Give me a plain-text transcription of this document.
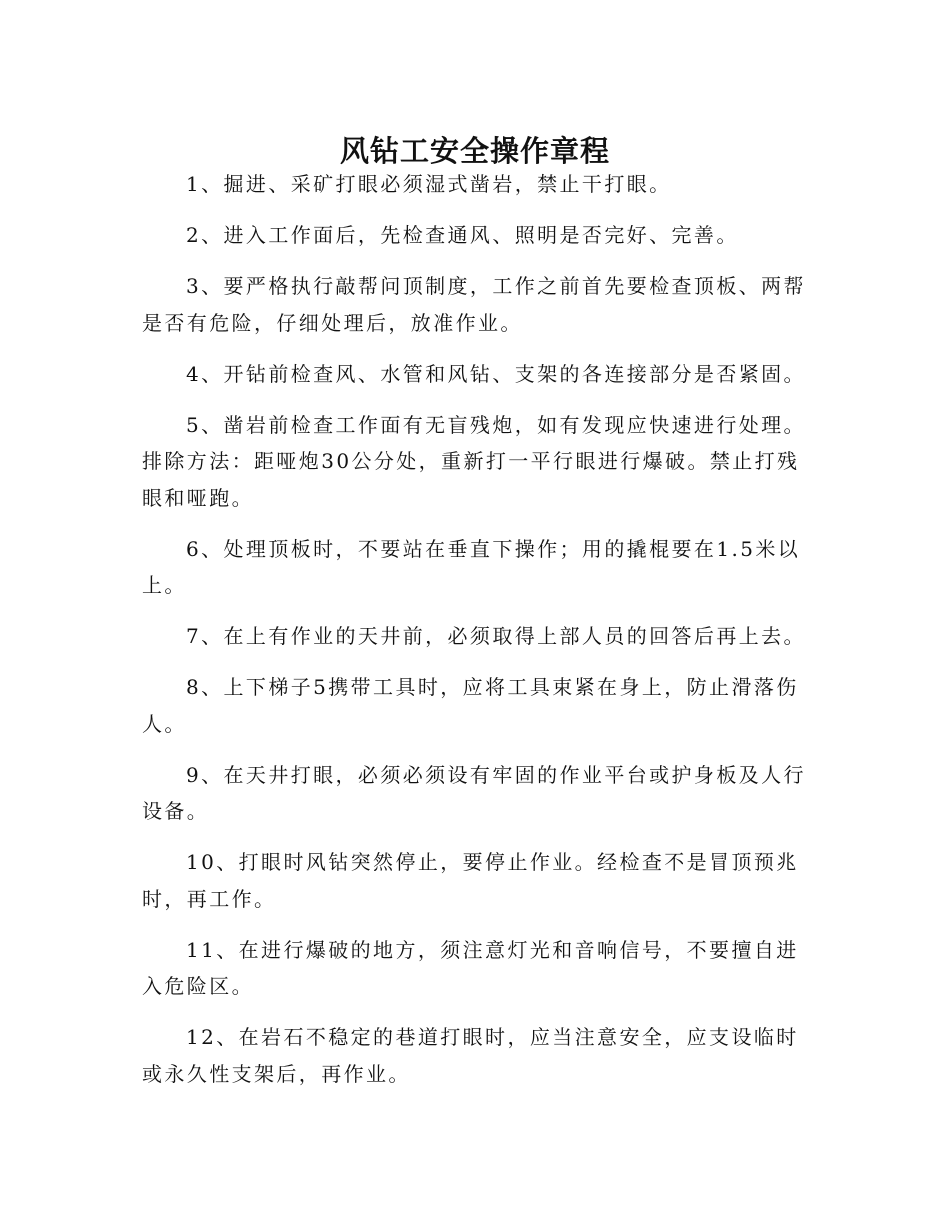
风钻工安全操作章程

1、掘进、采矿打眼必须湿式凿岩，禁止干打眼。

2、进入工作面后，先检查通风、照明是否完好、完善。

3、要严格执行敲帮问顶制度，工作之前首先要检查顶板、两帮是否有危险，仔细处理后，放准作业。

4、开钻前检查风、水管和风钻、支架的各连接部分是否紧固。

5、凿岩前检查工作面有无盲残炮，如有发现应快速进行处理。排除方法：距哑炮30公分处，重新打一平行眼进行爆破。禁止打残眼和哑跑。

6、处理顶板时，不要站在垂直下操作；用的撬棍要在1.5米以上。

7、在上有作业的天井前，必须取得上部人员的回答后再上去。

8、上下梯子5携带工具时，应将工具束紧在身上，防止滑落伤人。

9、在天井打眼，必须必须设有牢固的作业平台或护身板及人行设备。

10、打眼时风钻突然停止，要停止作业。经检查不是冒顶预兆时，再工作。

11、在进行爆破的地方，须注意灯光和音响信号，不要擅自进入危险区。

12、在岩石不稳定的巷道打眼时，应当注意安全，应支设临时或永久性支架后，再作业。
